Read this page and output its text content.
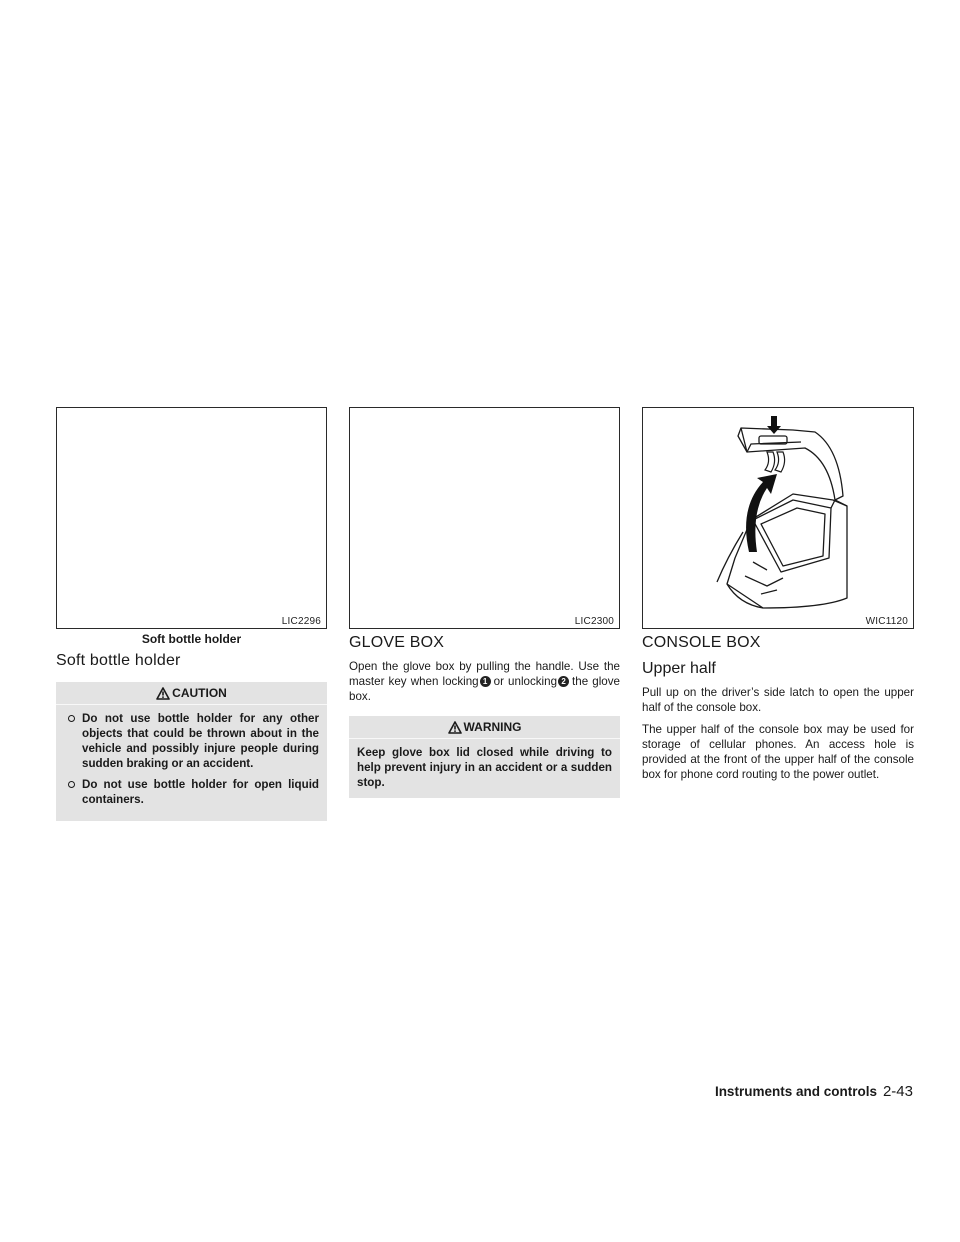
LIC2296	LIC2300	WIC1120
Soft bottle holder
Soft bottle holder
CAUTION
Do not use bottle holder for any other objects that could be thrown about in the vehicle and possibly injure people during sudden braking or an accident.
Do not use bottle holder for open liquid containers.
GLOVE BOX

Open the glove box by pulling the handle. Use the master key when locking 1 or unlocking 2 the glove box.

WARNING

Keep glove box lid closed while driving to help prevent injury in an accident or a sudden stop.

CONSOLE BOX
Upper half

Pull up on the driver’s side latch to open the upper half of the console box.

The upper half of the console box may be used for storage of cellular phones. An access hole is provided at the front of the upper half of the console box for phone cord routing to the power outlet.

Instruments and controls 2-43
